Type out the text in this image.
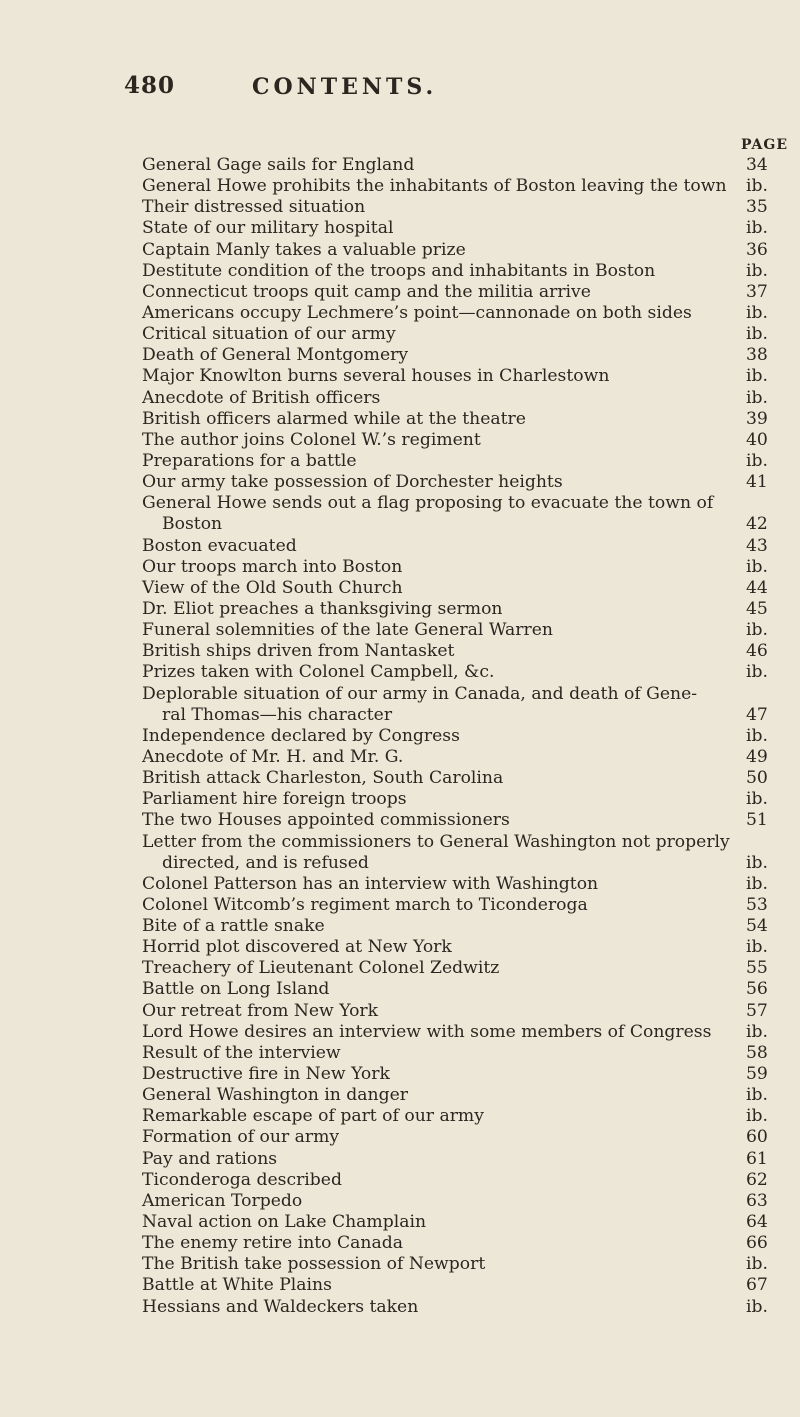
480	CONTENTS.
PAGE
General Gage sails for England	34
General Howe prohibits the inhabitants of Boston leaving the town ib.
Their distressed situation	35
State of our military hospital	ib.
Captain Manly takes a valuable prize	36
Destitute condition of the troops and inhabitants in Boston	ib.
Connecticut troops quit camp and the militia arrive	37
Americans occupy Lechmere’s point—cannonade on both sides	ib.
Critical situation of our army	ib.
Death of General Montgomery	38
Major Knowlton burns several houses in Charlestown	ib.
Anecdote of British officers	ib.
British officers alarmed while at the theatre	39
The author joins Colonel W.’s regiment	40
Preparations for a battle	ib.
Our army take possession of Dorchester heights	41
General Howe sends out a flag proposing to evacuate the town of
Boston	42
Boston evacuated	43
Our troops march into Boston	ib.
View of the Old South Church	44
Dr. Eliot preaches a thanksgiving sermon	45
Funeral solemnities of the late General Warren	ib.
British ships driven from Nantasket	46
Prizes taken with Colonel Campbell, &c.	ib.
Deplorable situation of our army in Canada, and death of Gene-
ral Thomas—his character	47
Independence declared by Congress	ib.
Anecdote of Mr. H. and Mr. G.	49
British attack Charleston, South Carolina	50
Parliament hire foreign troops	ib.
The two Houses appointed commissioners	51
Letter from the commissioners to General Washington not properly
directed, and is refused	ib.
Colonel Patterson has an interview with Washington	ib.
Colonel Witcomb’s regiment march to Ticonderoga	53
Bite of a rattle snake	54
Horrid plot discovered at New York	ib.
Treachery of Lieutenant Colonel Zedwitz	55
Battle on Long Island	56
Our retreat from New York	57
Lord Howe desires an interview with some members of Congress ib.
Result of the interview	58
Destructive fire in New York	59
General Washington in danger	ib.
Remarkable escape of part of our army	ib.
Formation of our army	60
Pay and rations	61
Ticonderoga described	62
American Torpedo	63
Naval action on Lake Champlain	64
The enemy retire into Canada	66
The British take possession of Newport	ib.
Battle at White Plains	67
Hessians and Waldeckers taken	ib.
